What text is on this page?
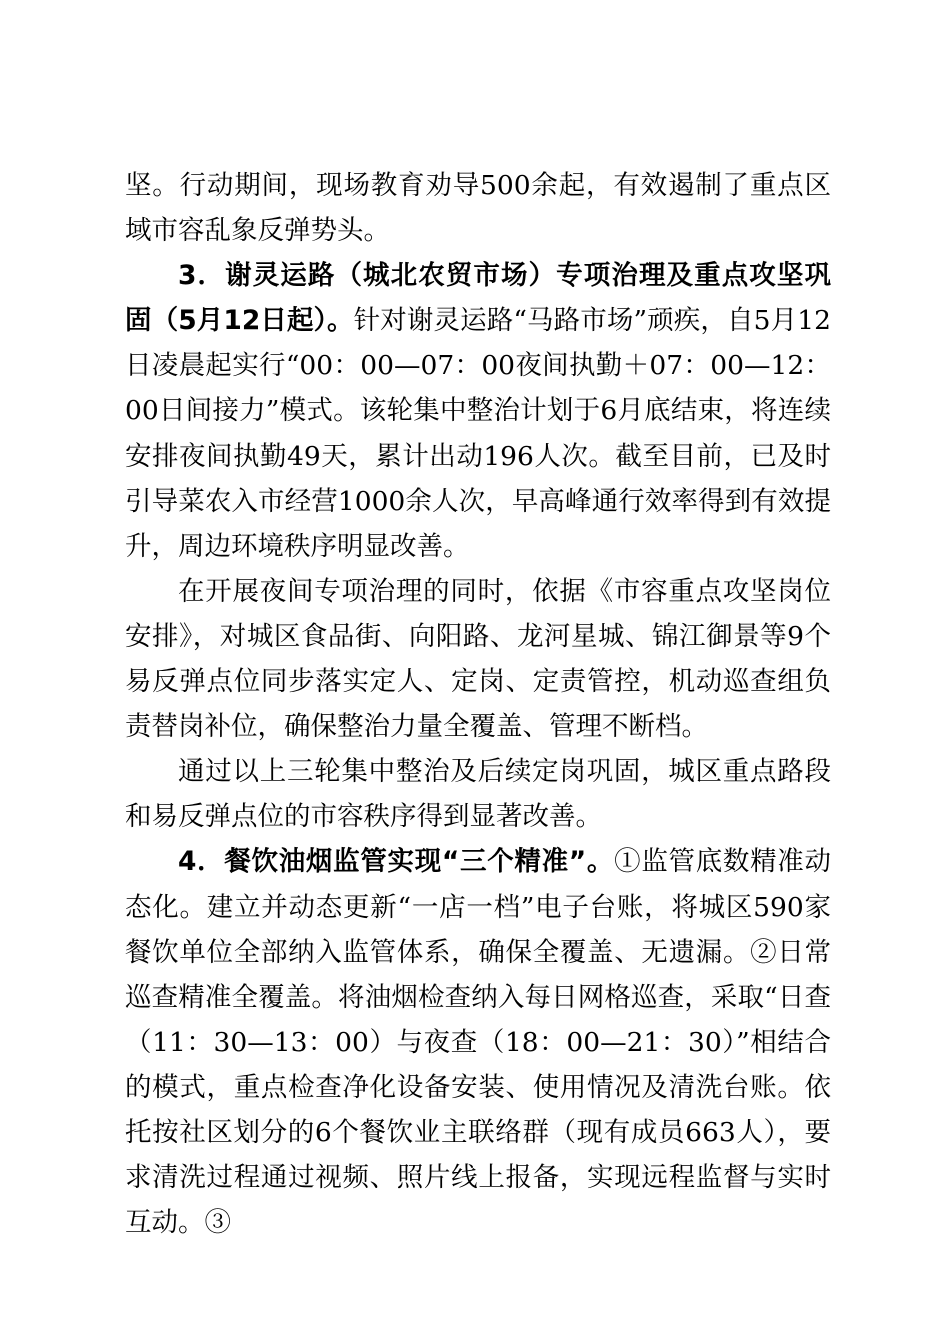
坚。行动期间，现场教育劝导500余起，有效遏制了重点区域市容乱象反弹势头。

3．谢灵运路（城北农贸市场）专项治理及重点攻坚巩固（5月12日起）。针对谢灵运路“马路市场”顽疾，自5月12日凌晨起实行“00：00—07：00夜间执勤＋07：00—12：00日间接力”模式。该轮集中整治计划于6月底结束，将连续安排夜间执勤49天，累计出动196人次。截至目前，已及时引导菜农入市经营1000余人次，早高峰通行效率得到有效提升，周边环境秩序明显改善。

在开展夜间专项治理的同时，依据《市容重点攻坚岗位安排》，对城区食品街、向阳路、龙河星城、锦江御景等9个易反弹点位同步落实定人、定岗、定责管控，机动巡查组负责替岗补位，确保整治力量全覆盖、管理不断档。

通过以上三轮集中整治及后续定岗巩固，城区重点路段和易反弹点位的市容秩序得到显著改善。

4．餐饮油烟监管实现“三个精准”。①监管底数精准动态化。建立并动态更新“一店一档”电子台账，将城区590家餐饮单位全部纳入监管体系，确保全覆盖、无遗漏。②日常巡查精准全覆盖。将油烟检查纳入每日网格巡查，采取“日查（11：30—13：00）与夜查（18：00—21：30）”相结合的模式，重点检查净化设备安装、使用情况及清洗台账。依托按社区划分的6个餐饮业主联络群（现有成员663人），要求清洗过程通过视频、照片线上报备，实现远程监督与实时互动。③
